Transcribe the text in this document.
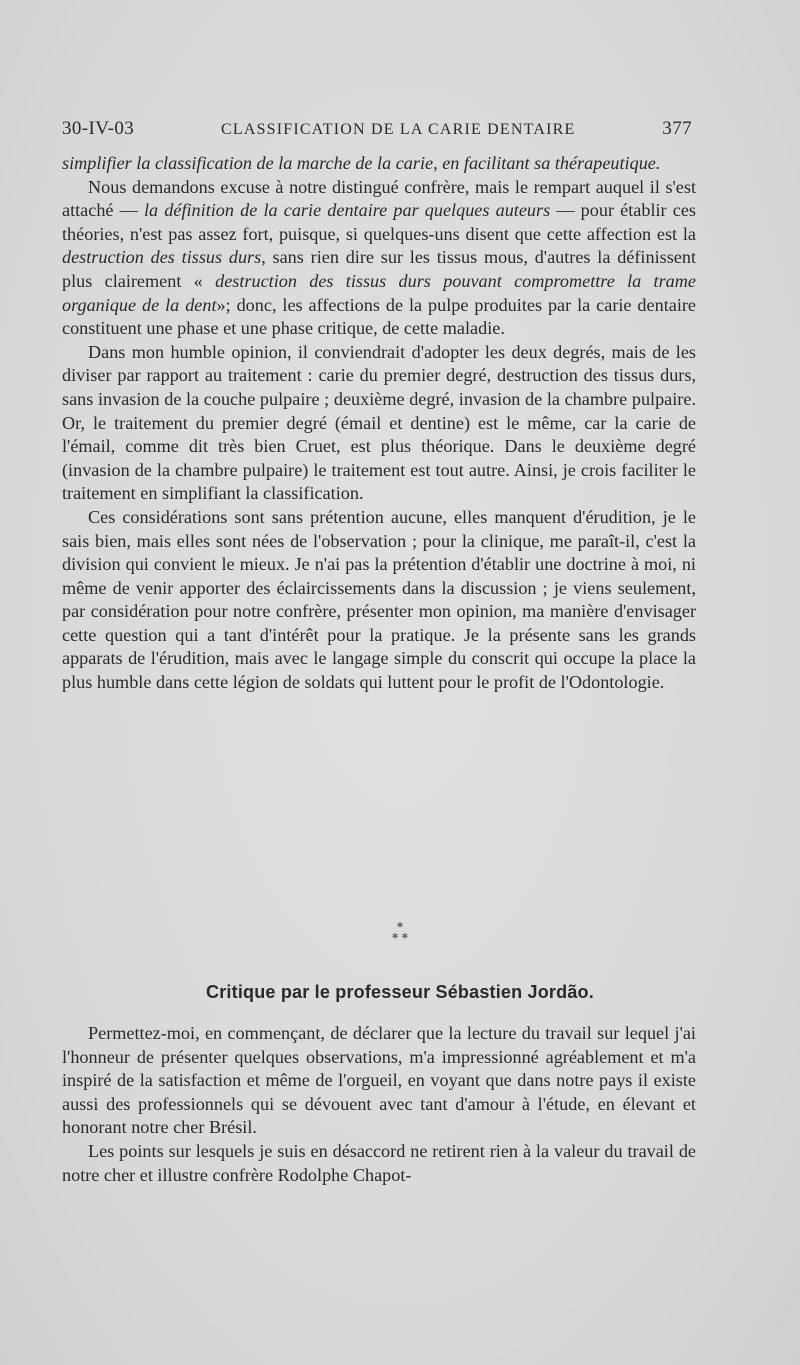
30-IV-03	CLASSIFICATION DE LA CARIE DENTAIRE	377

simplifier la classification de la marche de la carie, en facilitant sa thérapeutique.

Nous demandons excuse à notre distingué confrère, mais le rempart auquel il s'est attaché — la définition de la carie dentaire par quelques auteurs — pour établir ces théories, n'est pas assez fort, puisque, si quelques-uns disent que cette affection est la destruction des tissus durs, sans rien dire sur les tissus mous, d'autres la définissent plus clairement « destruction des tissus durs pouvant compromettre la trame organique de la dent»; donc, les affections de la pulpe produites par la carie dentaire constituent une phase et une phase critique, de cette maladie.

Dans mon humble opinion, il conviendrait d'adopter les deux degrés, mais de les diviser par rapport au traitement : carie du premier degré, destruction des tissus durs, sans invasion de la couche pulpaire ; deuxième degré, invasion de la chambre pulpaire. Or, le traitement du premier degré (émail et dentine) est le même, car la carie de l'émail, comme dit très bien Cruet, est plus théorique. Dans le deuxième degré (invasion de la chambre pulpaire) le traitement est tout autre. Ainsi, je crois faciliter le traitement en simplifiant la classification.

Ces considérations sont sans prétention aucune, elles manquent d'érudition, je le sais bien, mais elles sont nées de l'observation ; pour la clinique, me paraît-il, c'est la division qui convient le mieux. Je n'ai pas la prétention d'établir une doctrine à moi, ni même de venir apporter des éclaircissements dans la discussion ; je viens seulement, par considération pour notre confrère, présenter mon opinion, ma manière d'envisager cette question qui a tant d'intérêt pour la pratique. Je la présente sans les grands apparats de l'érudition, mais avec le langage simple du conscrit qui occupe la place la plus humble dans cette légion de soldats qui luttent pour le profit de l'Odontologie.

*
* *
Critique par le professeur Sébastien Jordão.

Permettez-moi, en commençant, de déclarer que la lecture du travail sur lequel j'ai l'honneur de présenter quelques observations, m'a impressionné agréablement et m'a inspiré de la satisfaction et même de l'orgueil, en voyant que dans notre pays il existe aussi des professionnels qui se dévouent avec tant d'amour à l'étude, en élevant et honorant notre cher Brésil.

Les points sur lesquels je suis en désaccord ne retirent rien à la valeur du travail de notre cher et illustre confrère Rodolphe Chapot-
